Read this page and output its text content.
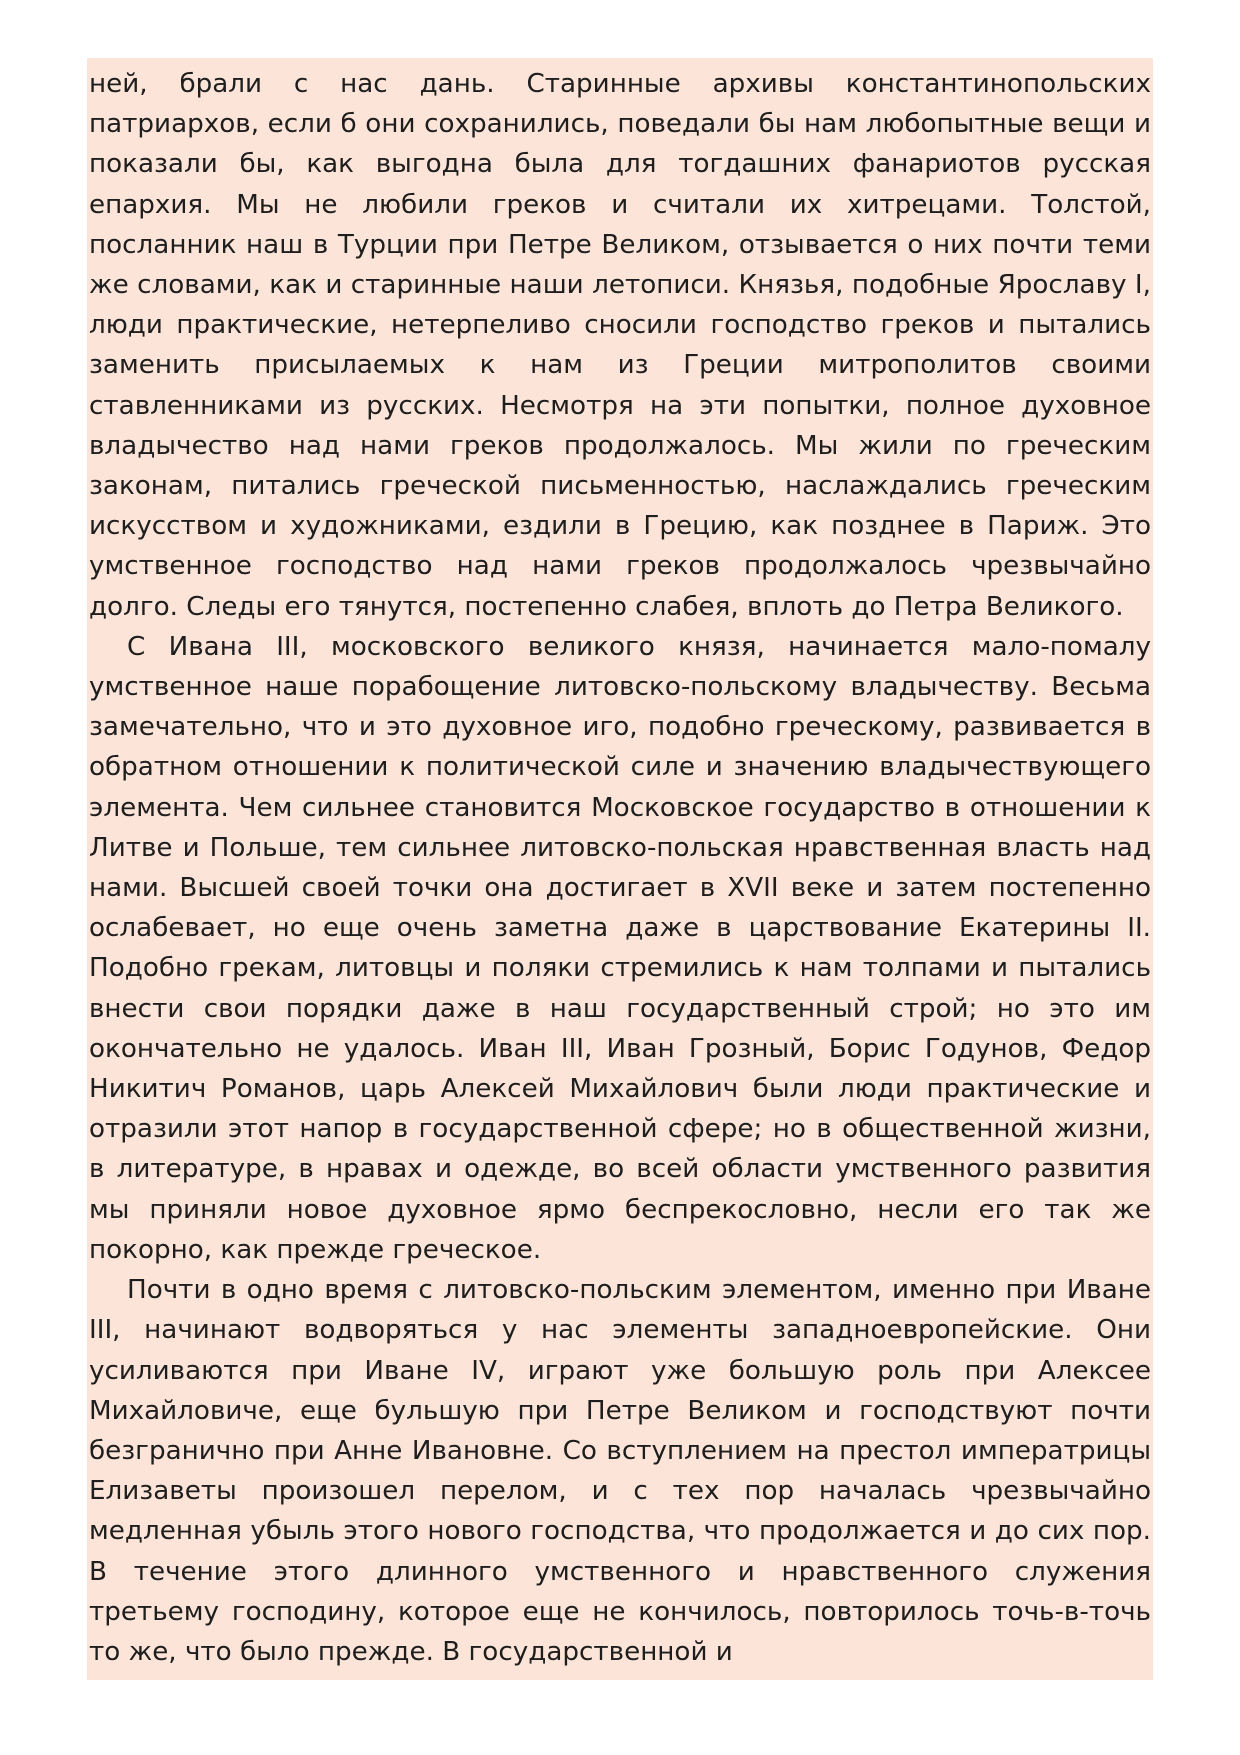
ней, брали с нас дань. Старинные архивы константинопольских патриархов, если б они сохранились, поведали бы нам любопытные вещи и показали бы, как выгодна была для тогдашних фанариотов русская епархия. Мы не любили греков и считали их хитрецами. Толстой, посланник наш в Турции при Петре Великом, отзывается о них почти теми же словами, как и старинные наши летописи. Князья, подобные Ярославу I, люди практические, нетерпеливо сносили господство греков и пытались заменить присылаемых к нам из Греции митрополитов своими ставленниками из русских. Несмотря на эти попытки, полное духовное владычество над нами греков продолжалось. Мы жили по греческим законам, питались греческой письменностью, наслаждались греческим искусством и художниками, ездили в Грецию, как позднее в Париж. Это умственное господство над нами греков продолжалось чрезвычайно долго. Следы его тянутся, постепенно слабея, вплоть до Петра Великого.

С Ивана III, московского великого князя, начинается мало-помалу умственное наше порабощение литовско-польскому владычеству. Весьма замечательно, что и это духовное иго, подобно греческому, развивается в обратном отношении к политической силе и значению владычествующего элемента. Чем сильнее становится Московское государство в отношении к Литве и Польше, тем сильнее литовско-польская нравственная власть над нами. Высшей своей точки она достигает в XVII веке и затем постепенно ослабевает, но еще очень заметна даже в царствование Екатерины II. Подобно грекам, литовцы и поляки стремились к нам толпами и пытались внести свои порядки даже в наш государственный строй; но это им окончательно не удалось. Иван III, Иван Грозный, Борис Годунов, Федор Никитич Романов, царь Алексей Михайлович были люди практические и отразили этот напор в государственной сфере; но в общественной жизни, в литературе, в нравах и одежде, во всей области умственного развития мы приняли новое духовное ярмо беспрекословно, несли его так же покорно, как прежде греческое.

Почти в одно время с литовско-польским элементом, именно при Иване III, начинают водворяться у нас элементы западноевропейские. Они усиливаются при Иване IV, играют уже большую роль при Алексее Михайловиче, еще бульшую при Петре Великом и господствуют почти безгранично при Анне Ивановне. Со вступлением на престол императрицы Елизаветы произошел перелом, и с тех пор началась чрезвычайно медленная убыль этого нового господства, что продолжается и до сих пор. В течение этого длинного умственного и нравственного служения третьему господину, которое еще не кончилось, повторилось точь-в-точь то же, что было прежде. В государственной и
